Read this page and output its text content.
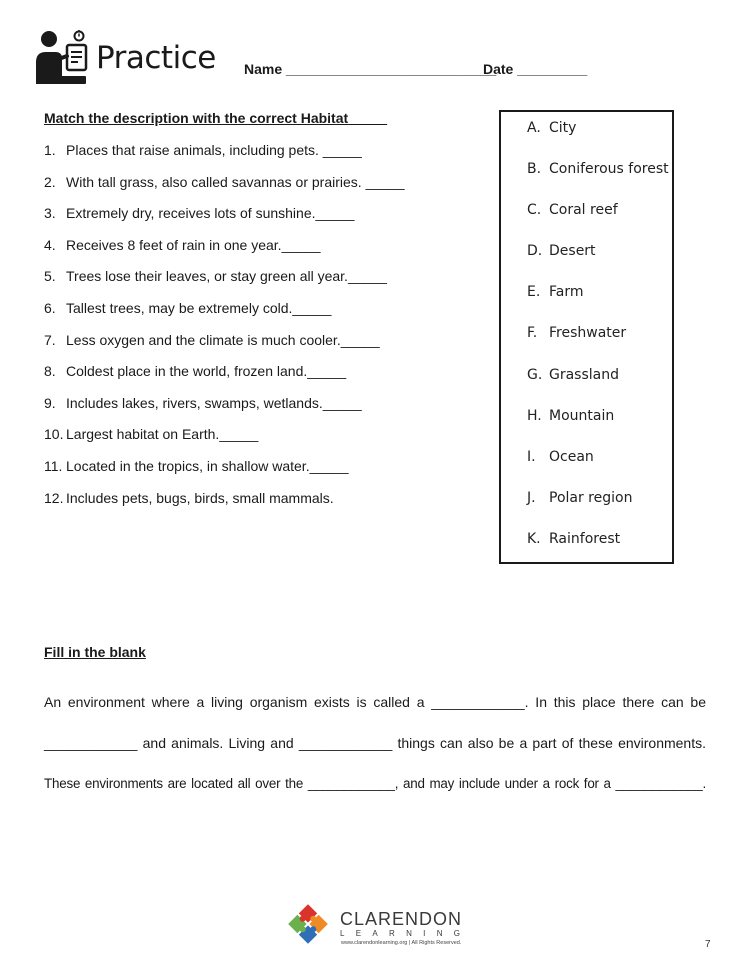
Practice Name ___________________________
Date _________
Match the description with the correct Habitat_____
1. Places that raise animals, including pets. _____
2. With tall grass, also called savannas or prairies. _____
3. Extremely dry, receives lots of sunshine._____
4. Receives 8 feet of rain in one year._____
5. Trees lose their leaves, or stay green all year._____
6. Tallest trees, may be extremely cold._____
7. Less oxygen and the climate is much cooler._____
8. Coldest place in the world, frozen land._____
9. Includes lakes, rivers, swamps, wetlands._____
10. Largest habitat on Earth._____
11. Located in the tropics, in shallow water._____
12. Includes pets, bugs, birds, small mammals.
A. City
B. Coniferous forest
C. Coral reef
D. Desert
E. Farm
F. Freshwater
G. Grassland
H. Mountain
I. Ocean
J. Polar region
K. Rainforest
Fill in the blank
An environment where a living organism exists is called a ____________. In this place there can be
____________ and animals. Living and ____________ things can also be a part of these environments.
These environments are located all over the ____________, and may include under a rock for a ____________.
CLARENDON
LEARNING
www.clarendonlearning.org | All Rights Reserved.	7
